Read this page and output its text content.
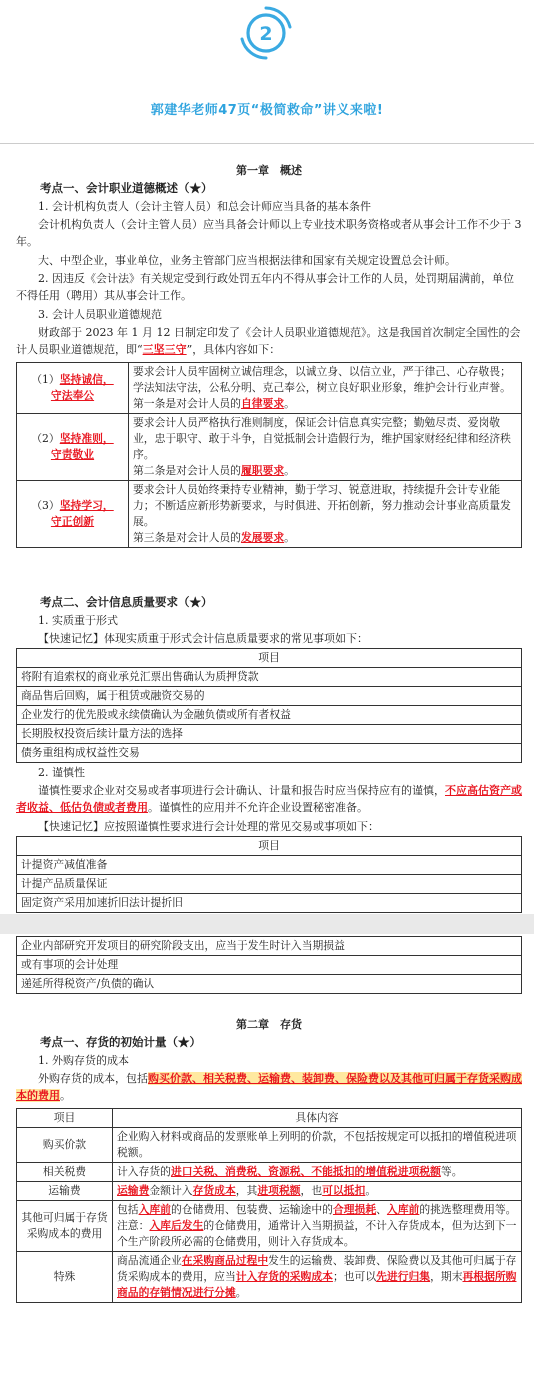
2
郭建华老师47页“极简救命”讲义来啦!
第一章　概述
考点一、会计职业道德概述（★）
1. 会计机构负责人（会计主管人员）和总会计师应当具备的基本条件
会计机构负责人（会计主管人员）应当具备会计师以上专业技术职务资格或者从事会计工作不少于 3 年。
大、中型企业，事业单位，业务主管部门应当根据法律和国家有关规定设置总会计师。
2. 因违反《会计法》有关规定受到行政处罚五年内不得从事会计工作的人员，处罚期届满前，单位不得任用（聘用）其从事会计工作。
3. 会计人员职业道德规范
财政部于 2023 年 1 月 12 日制定印发了《会计人员职业道德规范》。这是我国首次制定全国性的会计人员职业道德规范，即“三坚三守”，具体内容如下：
（1）坚持诚信，
守法奉公	要求会计人员牢固树立诚信理念，以诚立身、以信立业，严于律己、心存敬畏；学法知法守法，公私分明、克己奉公，树立良好职业形象，维护会计行业声誉。
第一条是对会计人员的自律要求。
（2）坚持准则，
守责敬业	要求会计人员严格执行准则制度，保证会计信息真实完整；勤勉尽责、爱岗敬业，忠于职守、敢于斗争，自觉抵制会计造假行为，维护国家财经纪律和经济秩序。
第二条是对会计人员的履职要求。
（3）坚持学习，
守正创新	要求会计人员始终秉持专业精神，勤于学习、锐意进取，持续提升会计专业能力；不断适应新形势新要求，与时俱进、开拓创新，努力推动会计事业高质量发展。
第三条是对会计人员的发展要求。
考点二、会计信息质量要求（★）
1. 实质重于形式
【快速记忆】体现实质重于形式会计信息质量要求的常见事项如下：
项目
将附有追索权的商业承兑汇票出售确认为质押贷款
商品售后回购，属于租赁或融资交易的
企业发行的优先股或永续债确认为金融负债或所有者权益
长期股权投资后续计量方法的选择
债务重组构成权益性交易
2. 谨慎性
谨慎性要求企业对交易或者事项进行会计确认、计量和报告时应当保持应有的谨慎，不应高估资产或者收益、低估负债或者费用。谨慎性的应用并不允许企业设置秘密准备。
【快速记忆】应按照谨慎性要求进行会计处理的常见交易或事项如下：
项目
计提资产减值准备
计提产品质量保证
固定资产采用加速折旧法计提折旧
企业内部研究开发项目的研究阶段支出，应当于发生时计入当期损益
或有事项的会计处理
递延所得税资产/负债的确认
第二章　存货
考点一、存货的初始计量（★）
1. 外购存货的成本
外购存货的成本，包括购买价款、相关税费、运输费、装卸费、保险费以及其他可归属于存货采购成本的费用。
项目	具体内容
购买价款	企业购入材料或商品的发票账单上列明的价款，不包括按规定可以抵扣的增值税进项税额。
相关税费	计入存货的进口关税、消费税、资源税、不能抵扣的增值税进项税额等。
运输费	运输费金额计入存货成本，其进项税额，也可以抵扣。
其他可归属于存货采购成本的费用	包括入库前的仓储费用、包装费、运输途中的合理损耗、入库前的挑选整理费用等。
注意：入库后发生的仓储费用，通常计入当期损益，不计入存货成本，但为达到下一个生产阶段所必需的仓储费用，则计入存货成本。
特殊	商品流通企业在采购商品过程中发生的运输费、装卸费、保险费以及其他可归属于存货采购成本的费用，应当计入存货的采购成本；也可以先进行归集，期末再根据所购商品的存销情况进行分摊。
